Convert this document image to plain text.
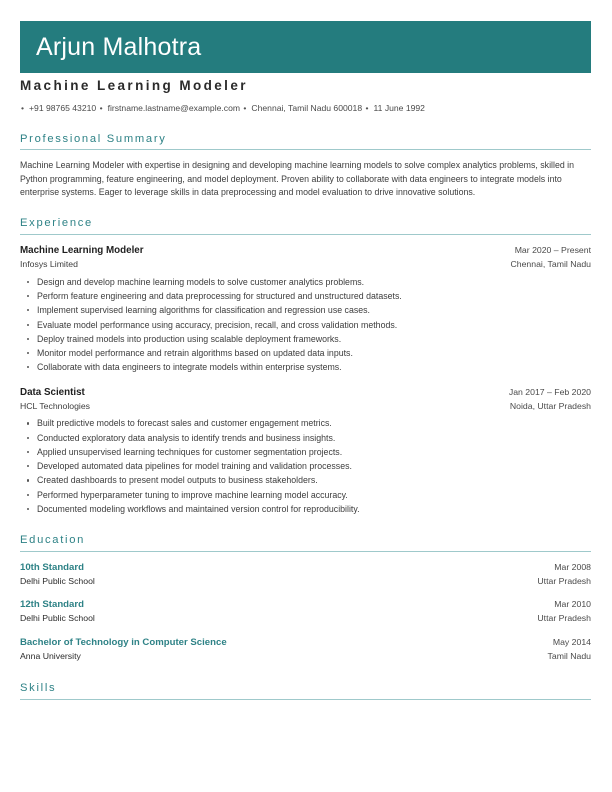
Arjun Malhotra
Machine Learning Modeler
• +91 98765 43210 • firstname.lastname@example.com • Chennai, Tamil Nadu 600018 • 11 June 1992
Professional Summary

Machine Learning Modeler with expertise in designing and developing machine learning models to solve complex analytics problems, skilled in Python programming, feature engineering, and model deployment. Proven ability to collaborate with data engineers to integrate models into enterprise systems. Eager to leverage skills in data preprocessing and model evaluation to drive innovative solutions.

Experience
Machine Learning Modeler	Mar 2020 – Present
Infosys Limited	Chennai, Tamil Nadu
Design and develop machine learning models to solve customer analytics problems.
Perform feature engineering and data preprocessing for structured and unstructured datasets.
Implement supervised learning algorithms for classification and regression use cases.
Evaluate model performance using accuracy, precision, recall, and cross validation methods.
Deploy trained models into production using scalable deployment frameworks.
Monitor model performance and retrain algorithms based on updated data inputs.
Collaborate with data engineers to integrate models within enterprise systems.
Data Scientist	Jan 2017 – Feb 2020
HCL Technologies	Noida, Uttar Pradesh
Built predictive models to forecast sales and customer engagement metrics.
Conducted exploratory data analysis to identify trends and business insights.
Applied unsupervised learning techniques for customer segmentation projects.
Developed automated data pipelines for model training and validation processes.
Created dashboards to present model outputs to business stakeholders.
Performed hyperparameter tuning to improve machine learning model accuracy.
Documented modeling workflows and maintained version control for reproducibility.
Education
10th Standard	Mar 2008
Delhi Public School	Uttar Pradesh
12th Standard	Mar 2010
Delhi Public School	Uttar Pradesh
Bachelor of Technology in Computer Science	May 2014
Anna University	Tamil Nadu
Skills
